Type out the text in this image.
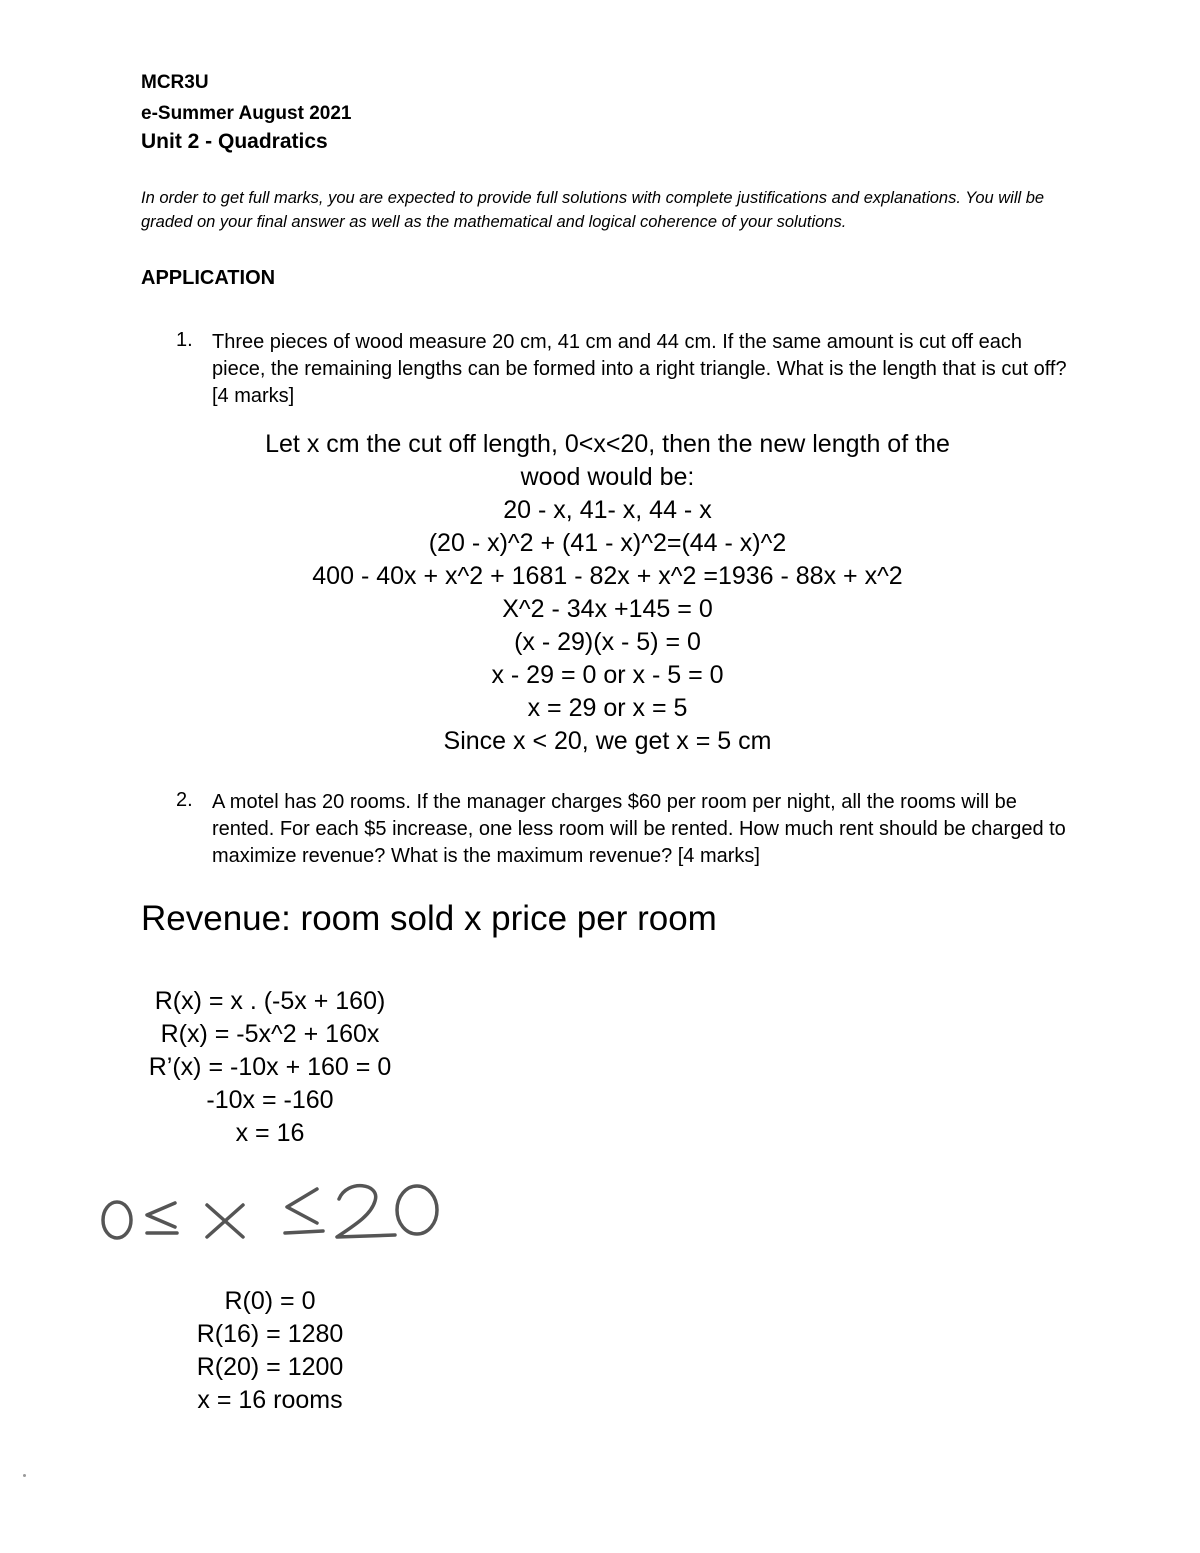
MCR3U
e-Summer August 2021
Unit 2 - Quadratics
In order to get full marks, you are expected to provide full solutions with complete justifications and explanations. You will be graded on your final answer as well as the mathematical and logical coherence of your solutions.
APPLICATION
1. Three pieces of wood measure 20 cm, 41 cm and 44 cm. If the same amount is cut off each piece, the remaining lengths can be formed into a right triangle. What is the length that is cut off? [4 marks]
Let x cm the cut off length, 0<x<20, then the new length of the
wood would be:
20 - x, 41- x, 44 - x
(20 - x)^2 + (41 - x)^2=(44 - x)^2
400 - 40x + x^2 + 1681 - 82x + x^2 =1936 - 88x + x^2
X^2 - 34x +145 = 0
(x - 29)(x - 5) = 0
x - 29 = 0 or x - 5 = 0
x = 29 or x = 5
Since x < 20, we get x = 5 cm
2. A motel has 20 rooms. If the manager charges $60 per room per night, all the rooms will be rented. For each $5 increase, one less room will be rented. How much rent should be charged to maximize revenue? What is the maximum revenue? [4 marks]
Revenue: room sold x price per room
R(x) = x . (-5x + 160)
R(x) = -5x^2 + 160x
R’(x) = -10x + 160 = 0
-10x = -160
x = 16
R(0) = 0
R(16) = 1280
R(20) = 1200
x = 16 rooms
